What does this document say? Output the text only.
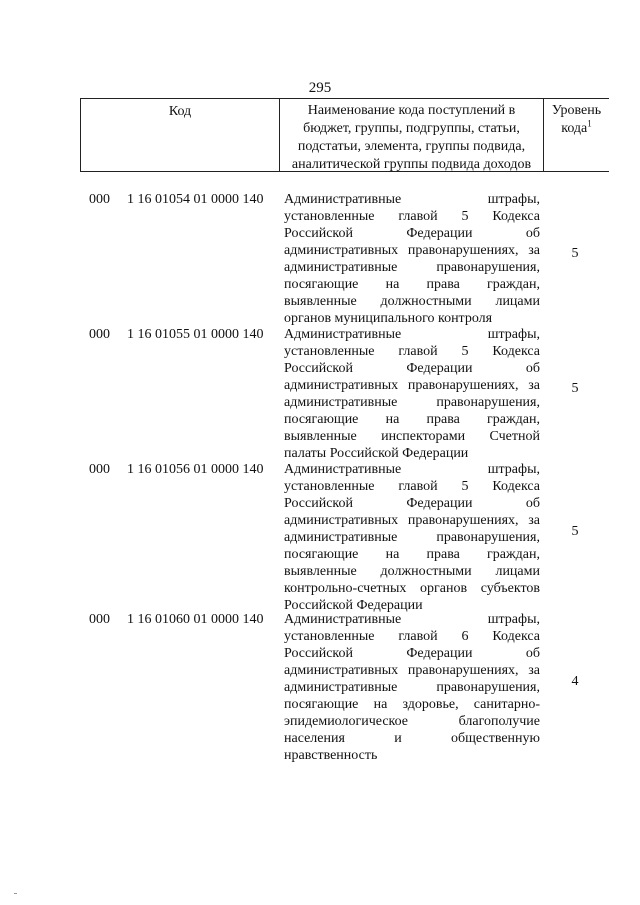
295
Код	Наименование кода поступлений в
бюджет, группы, подгруппы, статьи,
подстатьи, элемента, группы подвида,
аналитической группы подвида доходов
Уровень
кода$^1$
000	1 16 01054 01 0000 140	Административные штрафы,
установленные главой 5 Кодекса
Российской Федерации об
административных правонарушениях, за
административные правонарушения,
посягающие на права граждан,
выявленные должностными лицами
органов муниципального контроля
5
000	1 16 01055 01 0000 140	Административные штрафы,
установленные главой 5 Кодекса
Российской Федерации об
административных правонарушениях, за
административные правонарушения,
посягающие на права граждан,
выявленные инспекторами Счетной
палаты Российской Федерации
5
000	1 16 01056 01 0000 140	Административные штрафы,
установленные главой 5 Кодекса
Российской Федерации об
административных правонарушениях, за
административные правонарушения,
посягающие на права граждан,
выявленные должностными лицами
контрольно-счетных органов субъектов
Российской Федерации
5
000	1 16 01060 01 0000 140	Административные штрафы,
установленные главой 6 Кодекса
Российской Федерации об
административных правонарушениях, за
административные правонарушения,
посягающие на здоровье, санитарно-
эпидемиологическое благополучие
населения и общественную
нравственность
4
